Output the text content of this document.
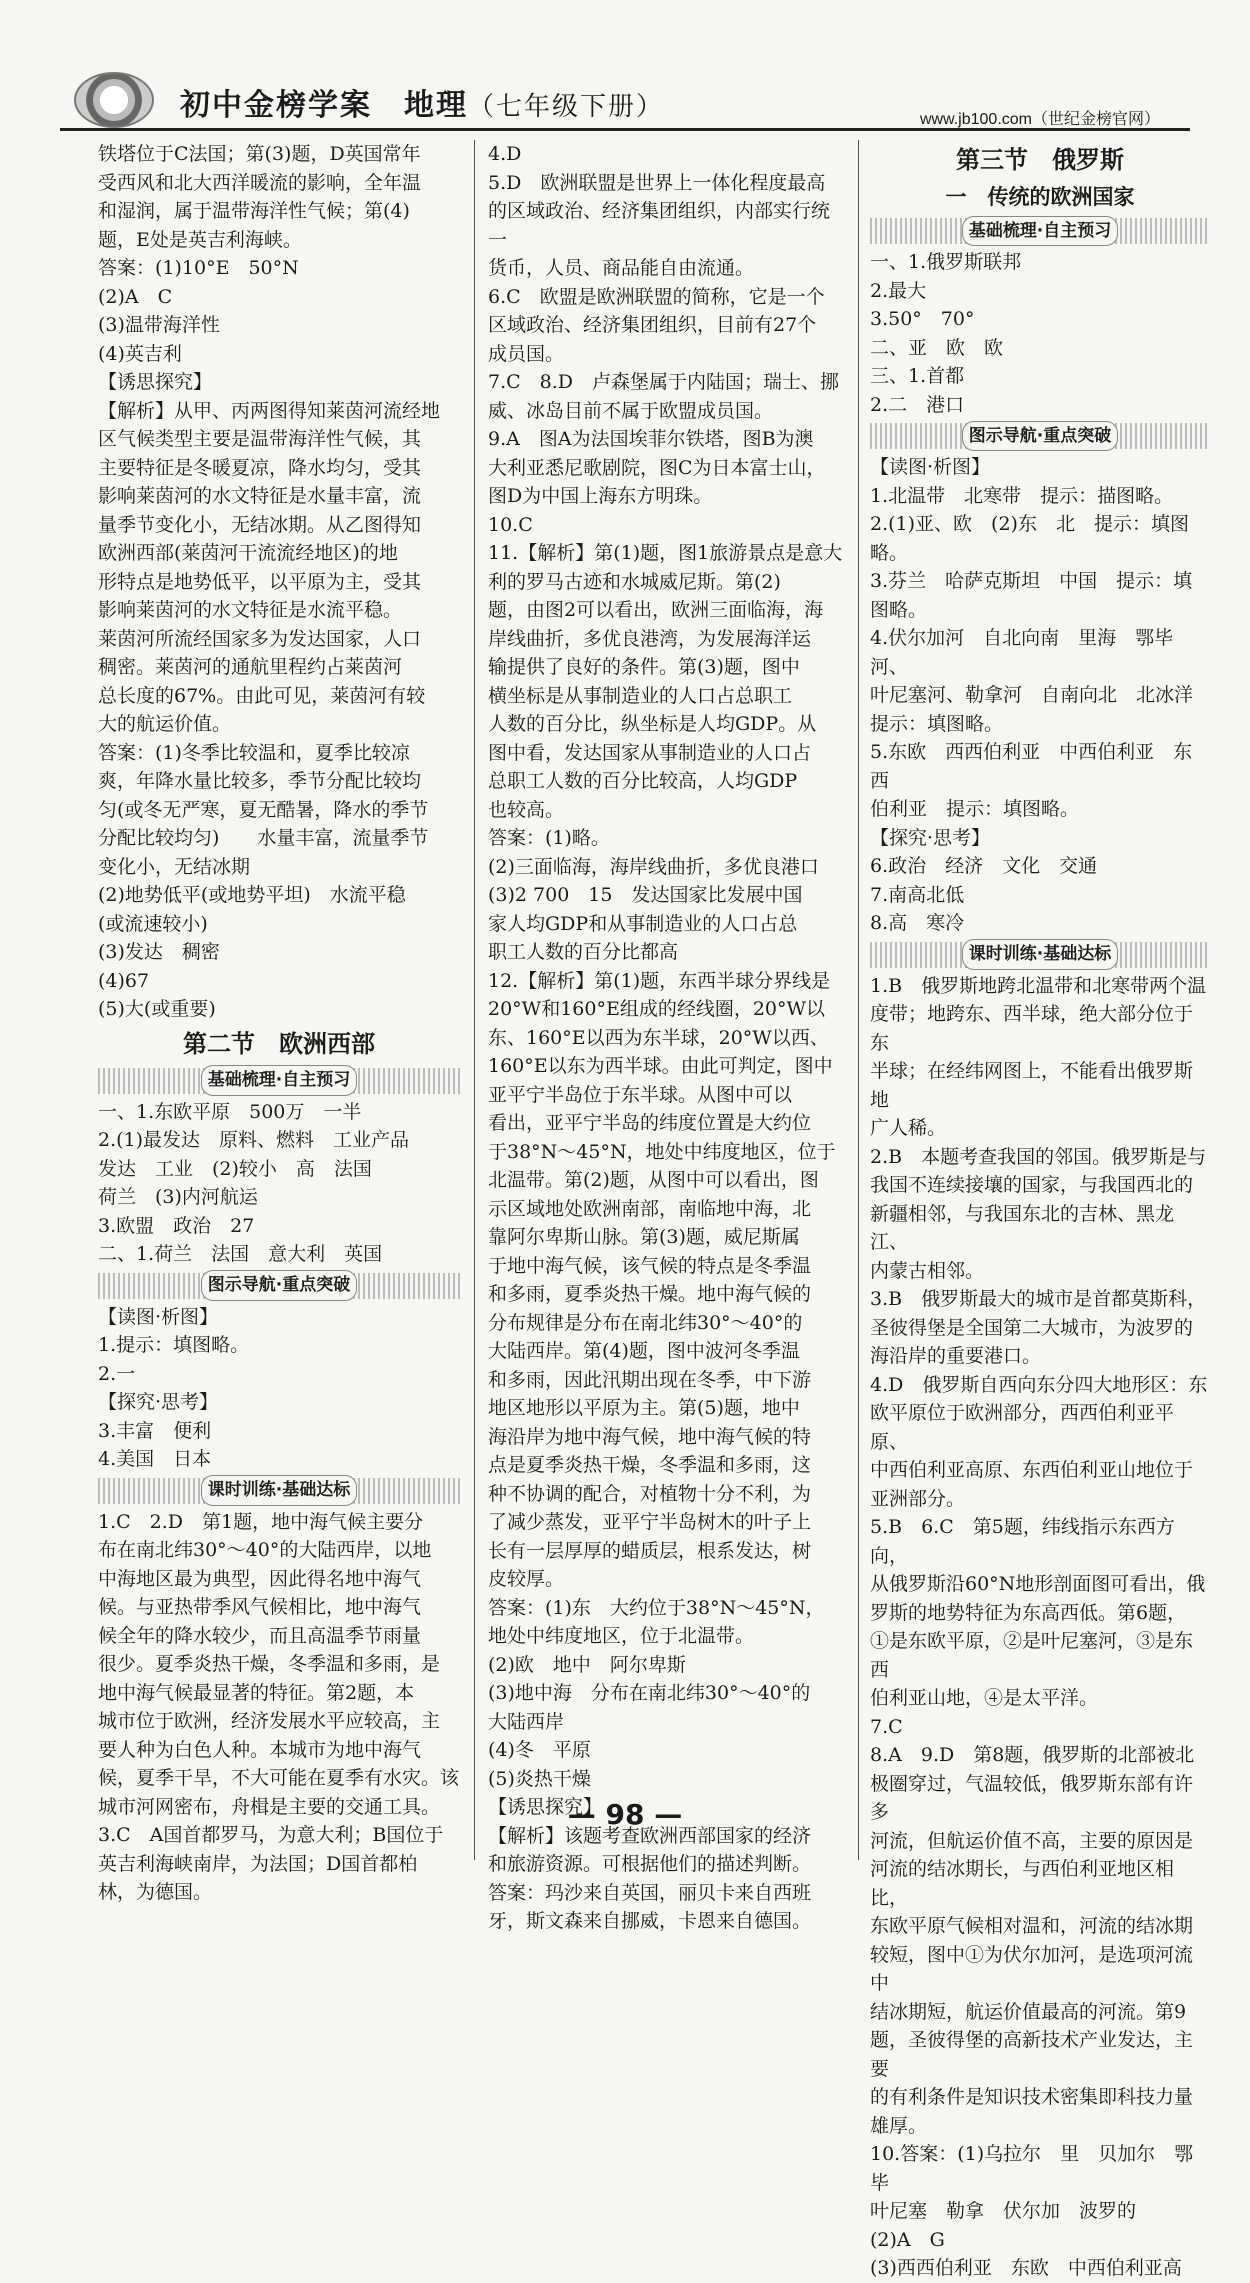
初中金榜学案　地理（七年级下册）	www.jb100.com（世纪金榜官网）

铁塔位于C法国；第(3)题，D英国常年

受西风和北大西洋暖流的影响，全年温

和湿润，属于温带海洋性气候；第(4)

题，E处是英吉利海峡。

答案：(1)10°E　50°N

(2)A　C

(3)温带海洋性

(4)英吉利

【诱思探究】

【解析】从甲、丙两图得知莱茵河流经地

区气候类型主要是温带海洋性气候，其

主要特征是冬暖夏凉，降水均匀，受其

影响莱茵河的水文特征是水量丰富，流

量季节变化小，无结冰期。从乙图得知

欧洲西部(莱茵河干流流经地区)的地

形特点是地势低平，以平原为主，受其

影响莱茵河的水文特征是水流平稳。

莱茵河所流经国家多为发达国家，人口

稠密。莱茵河的通航里程约占莱茵河

总长度的67%。由此可见，莱茵河有较

大的航运价值。

答案：(1)冬季比较温和，夏季比较凉

爽，年降水量比较多，季节分配比较均

匀(或冬无严寒，夏无酷暑，降水的季节

分配比较均匀)　　水量丰富，流量季节

变化小，无结冰期

(2)地势低平(或地势平坦)　水流平稳

(或流速较小)

(3)发达　稠密

(4)67

(5)大(或重要)

第二节　欧洲西部
基础梳理·自主预习

一、1.东欧平原　500万　一半

2.(1)最发达　原料、燃料　工业产品

发达　工业　(2)较小　高　法国

荷兰　(3)内河航运

3.欧盟　政治　27

二、1.荷兰　法国　意大利　英国

图示导航·重点突破

【读图·析图】

1.提示：填图略。

2.一

【探究·思考】

3.丰富　便利

4.美国　日本

课时训练·基础达标

1.C　2.D　第1题，地中海气候主要分

布在南北纬30°～40°的大陆西岸，以地

中海地区最为典型，因此得名地中海气

候。与亚热带季风气候相比，地中海气

候全年的降水较少，而且高温季节雨量

很少。夏季炎热干燥，冬季温和多雨，是

地中海气候最显著的特征。第2题，本

城市位于欧洲，经济发展水平应较高，主

要人种为白色人种。本城市为地中海气

候，夏季干旱，不大可能在夏季有水灾。该

城市河网密布，舟楫是主要的交通工具。

3.C　A国首都罗马，为意大利；B国位于

英吉利海峡南岸，为法国；D国首都柏

林，为德国。

4.D

5.D　欧洲联盟是世界上一体化程度最高

的区域政治、经济集团组织，内部实行统一

货币，人员、商品能自由流通。

6.C　欧盟是欧洲联盟的简称，它是一个

区域政治、经济集团组织，目前有27个

成员国。

7.C　8.D　卢森堡属于内陆国；瑞士、挪

威、冰岛目前不属于欧盟成员国。

9.A　图A为法国埃菲尔铁塔，图B为澳

大利亚悉尼歌剧院，图C为日本富士山，

图D为中国上海东方明珠。

10.C

11.【解析】第(1)题，图1旅游景点是意大

利的罗马古迹和水城威尼斯。第(2)

题，由图2可以看出，欧洲三面临海，海

岸线曲折，多优良港湾，为发展海洋运

输提供了良好的条件。第(3)题，图中

横坐标是从事制造业的人口占总职工

人数的百分比，纵坐标是人均GDP。从

图中看，发达国家从事制造业的人口占

总职工人数的百分比较高，人均GDP

也较高。

答案：(1)略。

(2)三面临海，海岸线曲折，多优良港口

(3)2 700　15　发达国家比发展中国

家人均GDP和从事制造业的人口占总

职工人数的百分比都高

12.【解析】第(1)题，东西半球分界线是

20°W和160°E组成的经线圈，20°W以

东、160°E以西为东半球，20°W以西、

160°E以东为西半球。由此可判定，图中

亚平宁半岛位于东半球。从图中可以

看出，亚平宁半岛的纬度位置是大约位

于38°N～45°N，地处中纬度地区，位于

北温带。第(2)题，从图中可以看出，图

示区域地处欧洲南部，南临地中海，北

靠阿尔卑斯山脉。第(3)题，威尼斯属

于地中海气候，该气候的特点是冬季温

和多雨，夏季炎热干燥。地中海气候的

分布规律是分布在南北纬30°～40°的

大陆西岸。第(4)题，图中波河冬季温

和多雨，因此汛期出现在冬季，中下游

地区地形以平原为主。第(5)题，地中

海沿岸为地中海气候，地中海气候的特

点是夏季炎热干燥，冬季温和多雨，这

种不协调的配合，对植物十分不利，为

了减少蒸发，亚平宁半岛树木的叶子上

长有一层厚厚的蜡质层，根系发达，树

皮较厚。

答案：(1)东　大约位于38°N～45°N，

地处中纬度地区，位于北温带。

(2)欧　地中　阿尔卑斯

(3)地中海　分布在南北纬30°～40°的

大陆西岸

(4)冬　平原

(5)炎热干燥

【诱思探究】

【解析】该题考查欧洲西部国家的经济

和旅游资源。可根据他们的描述判断。

答案：玛沙来自英国，丽贝卡来自西班

牙，斯文森来自挪威，卡恩来自德国。

第三节　俄罗斯
一　传统的欧洲国家
基础梳理·自主预习

一、1.俄罗斯联邦

2.最大

3.50°　70°

二、亚　欧　欧

三、1.首都

2.二　港口

图示导航·重点突破

【读图·析图】

1.北温带　北寒带　提示：描图略。

2.(1)亚、欧　(2)东　北　提示：填图略。

3.芬兰　哈萨克斯坦　中国　提示：填

图略。

4.伏尔加河　自北向南　里海　鄂毕河、

叶尼塞河、勒拿河　自南向北　北冰洋

提示：填图略。

5.东欧　西西伯利亚　中西伯利亚　东西

伯利亚　提示：填图略。

【探究·思考】

6.政治　经济　文化　交通

7.南高北低

8.高　寒冷

课时训练·基础达标

1.B　俄罗斯地跨北温带和北寒带两个温

度带；地跨东、西半球，绝大部分位于东

半球；在经纬网图上，不能看出俄罗斯地

广人稀。

2.B　本题考查我国的邻国。俄罗斯是与

我国不连续接壤的国家，与我国西北的

新疆相邻，与我国东北的吉林、黑龙江、

内蒙古相邻。

3.B　俄罗斯最大的城市是首都莫斯科，

圣彼得堡是全国第二大城市，为波罗的

海沿岸的重要港口。

4.D　俄罗斯自西向东分四大地形区：东

欧平原位于欧洲部分，西西伯利亚平原、

中西伯利亚高原、东西伯利亚山地位于

亚洲部分。

5.B　6.C　第5题，纬线指示东西方向，

从俄罗斯沿60°N地形剖面图可看出，俄

罗斯的地势特征为东高西低。第6题，

①是东欧平原，②是叶尼塞河，③是东西

伯利亚山地，④是太平洋。

7.C

8.A　9.D　第8题，俄罗斯的北部被北

极圈穿过，气温较低，俄罗斯东部有许多

河流，但航运价值不高，主要的原因是

河流的结冰期长，与西伯利亚地区相比，

东欧平原气候相对温和，河流的结冰期

较短，图中①为伏尔加河，是选项河流中

结冰期短，航运价值最高的河流。第9

题，圣彼得堡的高新技术产业发达，主要

的有利条件是知识技术密集即科技力量

雄厚。

10.答案：(1)乌拉尔　里　贝加尔　鄂毕

叶尼塞　勒拿　伏尔加　波罗的

(2)A　G

(3)西西伯利亚　东欧　中西伯利亚高

— 98 —
